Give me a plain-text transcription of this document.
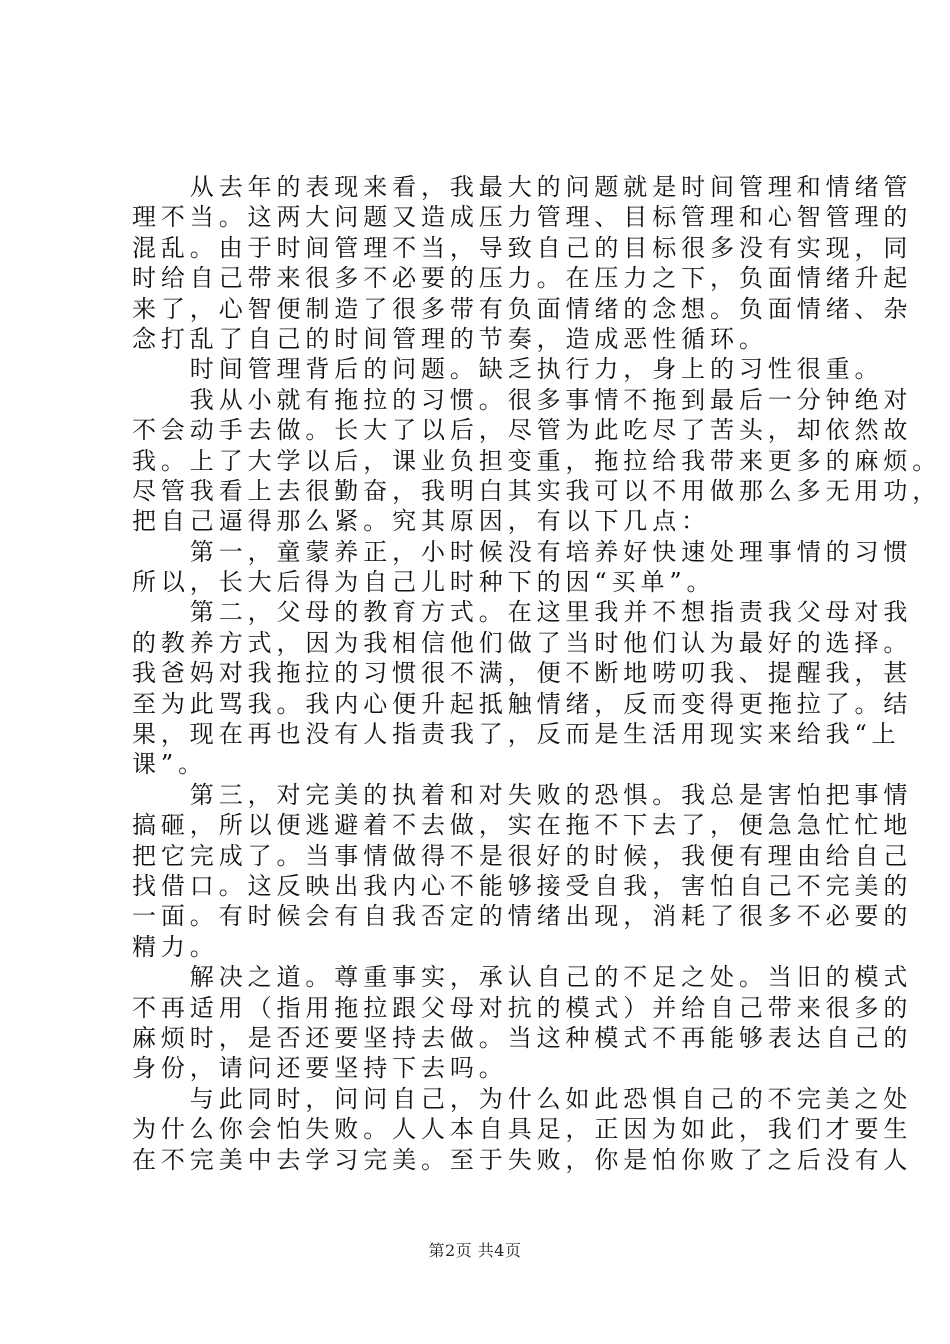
　　从去年的表现来看，我最大的问题就是时间管理和情绪管

理不当。这两大问题又造成压力管理、目标管理和心智管理的

混乱。由于时间管理不当，导致自己的目标很多没有实现，同

时给自己带来很多不必要的压力。在压力之下，负面情绪升起

来了，心智便制造了很多带有负面情绪的念想。负面情绪、杂

念打乱了自己的时间管理的节奏，造成恶性循环。

　　时间管理背后的问题。缺乏执行力，身上的习性很重。

　　我从小就有拖拉的习惯。很多事情不拖到最后一分钟绝对

不会动手去做。长大了以后，尽管为此吃尽了苦头，却依然故

我。上了大学以后，课业负担变重，拖拉给我带来更多的麻烦。

尽管我看上去很勤奋，我明白其实我可以不用做那么多无用功，

把自己逼得那么紧。究其原因，有以下几点：

　　第一，童蒙养正，小时候没有培养好快速处理事情的习惯

所以，长大后得为自己儿时种下的因“买单”。

　　第二，父母的教育方式。在这里我并不想指责我父母对我

的教养方式，因为我相信他们做了当时他们认为最好的选择。

我爸妈对我拖拉的习惯很不满，便不断地唠叨我、提醒我，甚

至为此骂我。我内心便升起抵触情绪，反而变得更拖拉了。结

果，现在再也没有人指责我了，反而是生活用现实来给我“上

课”。

　　第三，对完美的执着和对失败的恐惧。我总是害怕把事情

搞砸，所以便逃避着不去做，实在拖不下去了，便急急忙忙地

把它完成了。当事情做得不是很好的时候，我便有理由给自己

找借口。这反映出我内心不能够接受自我，害怕自己不完美的

一面。有时候会有自我否定的情绪出现，消耗了很多不必要的

精力。

　　解决之道。尊重事实，承认自己的不足之处。当旧的模式

不再适用（指用拖拉跟父母对抗的模式）并给自己带来很多的

麻烦时，是否还要坚持去做。当这种模式不再能够表达自己的

身份，请问还要坚持下去吗。

　　与此同时，问问自己，为什么如此恐惧自己的不完美之处

为什么你会怕失败。人人本自具足，正因为如此，我们才要生

在不完美中去学习完美。至于失败，你是怕你败了之后没有人

第2页 共4页
